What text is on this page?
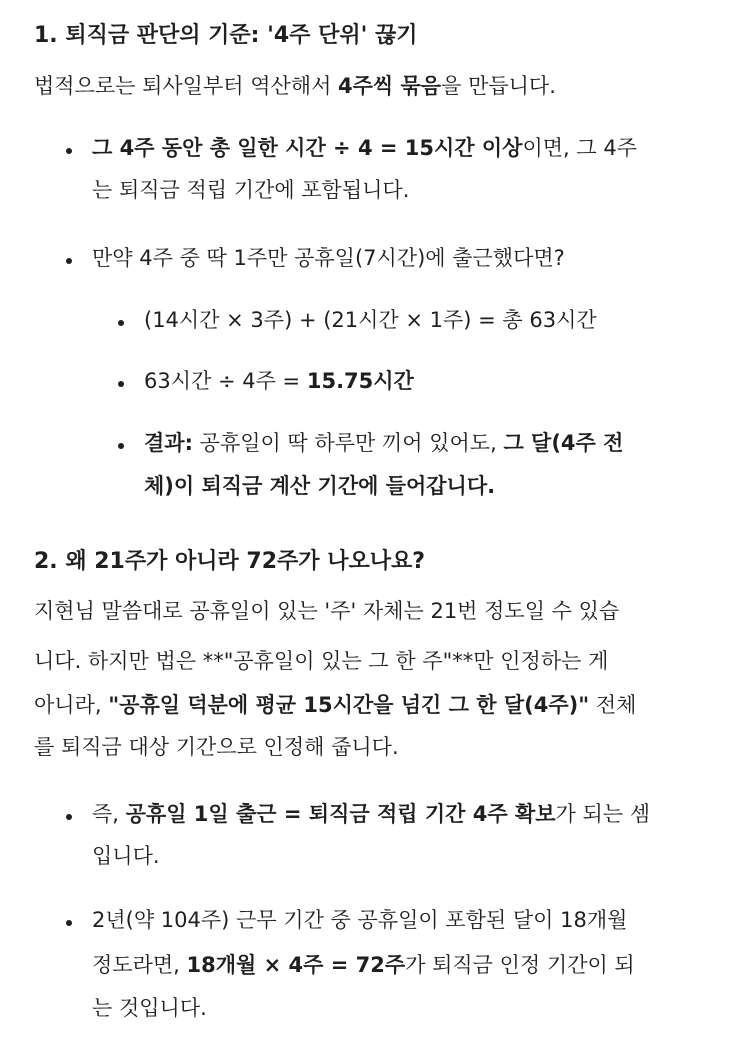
1. 퇴직금 판단의 기준: '4주 단위' 끊기
법적으로는 퇴사일부터 역산해서 4주씩 묶음을 만듭니다.
그 4주 동안 총 일한 시간 ÷ 4 = 15시간 이상이면, 그 4주
는 퇴직금 적립 기간에 포함됩니다.
만약 4주 중 딱 1주만 공휴일(7시간)에 출근했다면?
(14시간 × 3주) + (21시간 × 1주) = 총 63시간
63시간 ÷ 4주 = 15.75시간
결과: 공휴일이 딱 하루만 끼어 있어도, 그 달(4주 전
체)이 퇴직금 계산 기간에 들어갑니다.
2. 왜 21주가 아니라 72주가 나오나요?
지현님 말씀대로 공휴일이 있는 '주' 자체는 21번 정도일 수 있습
니다. 하지만 법은 **"공휴일이 있는 그 한 주"**만 인정하는 게
아니라, "공휴일 덕분에 평균 15시간을 넘긴 그 한 달(4주)" 전체
를 퇴직금 대상 기간으로 인정해 줍니다.
즉, 공휴일 1일 출근 = 퇴직금 적립 기간 4주 확보가 되는 셈
입니다.
2년(약 104주) 근무 기간 중 공휴일이 포함된 달이 18개월
정도라면, 18개월 × 4주 = 72주가 퇴직금 인정 기간이 되
는 것입니다.
